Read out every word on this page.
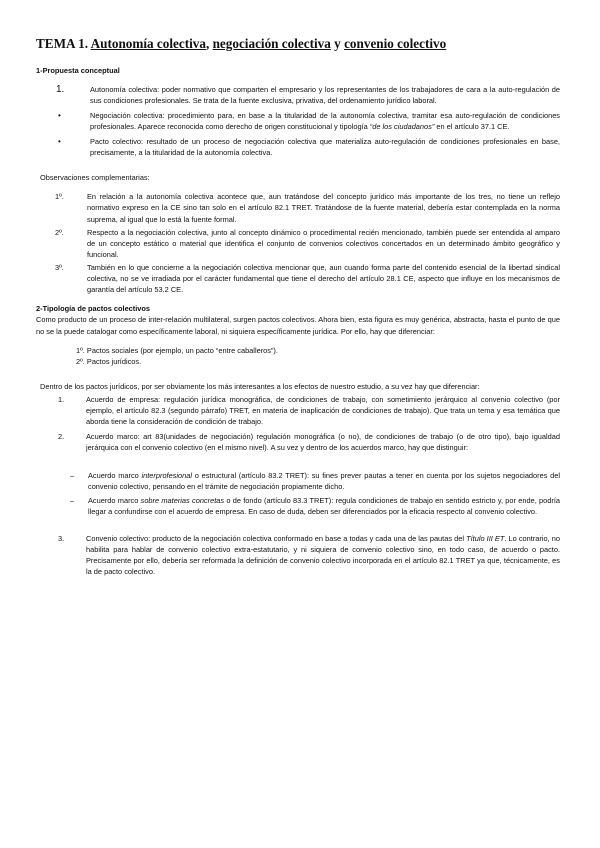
TEMA 1. Autonomía colectiva, negociación colectiva y convenio colectivo

1-Propuesta conceptual

1.	Autonomía colectiva: poder normativo que comparten el empresario y los representantes de los trabajadores de cara a la auto-regulación de sus condiciones profesionales. Se trata de la fuente exclusiva, privativa, del ordenamiento jurídico laboral.
•	Negociación colectiva: procedimiento para, en base a la titularidad de la autonomía colectiva, tramitar esa auto-regulación de condiciones profesionales. Aparece reconocida como derecho de origen constitucional y tipología “de los ciudadanos” en el artículo 37.1 CE.
•	Pacto colectivo: resultado de un proceso de negociación colectiva que materializa auto-regulación de condiciones profesionales en base, precisamente, a la titularidad de la autonomía colectiva.

Observaciones complementarias:

1º.	En relación a la autonomía colectiva acontece que, aun tratándose del concepto jurídico más importante de los tres, no tiene un reflejo normativo expreso en la CE sino tan solo en el artículo 82.1 TRET. Tratándose de la fuente material, debería estar contemplada en la norma suprema, al igual que lo está la fuente formal.
2º.	Respecto a la negociación colectiva, junto al concepto dinámico o procedimental recién mencionado, también puede ser entendida al amparo de un concepto estático o material que identifica el conjunto de convenios colectivos concertados en un determinado ámbito geográfico y funcional.
3º.	También en lo que concierne a la negociación colectiva mencionar que, aun cuando forma parte del contenido esencial de la libertad sindical colectiva, no se ve irradiada por el carácter fundamental que tiene el derecho del artículo 28.1 CE, aspecto que influye en los mecanismos de garantía del artículo 53.2 CE.

2-Tipología de pactos colectivos

Como producto de un proceso de inter-relación multilateral, surgen pactos colectivos. Ahora bien, esta figura es muy genérica, abstracta, hasta el punto de que no se la puede catalogar como específicamente laboral, ni siquiera específicamente jurídica. Por ello, hay que diferenciar:

1º. Pactos sociales (por ejemplo, un pacto “entre caballeros”).
2º. Pactos jurídicos.

Dentro de los pactos jurídicos, por ser obviamente los más interesantes a los efectos de nuestro estudio, a su vez hay que diferenciar:

1.	Acuerdo de empresa: regulación jurídica monográfica, de condiciones de trabajo, con sometimiento jerárquico al convenio colectivo (por ejemplo, el artículo 82.3 (segundo párrafo) TRET, en materia de inaplicación de condiciones de trabajo). Que trata un tema y esa temática que aborda tiene la consideración de condición de trabajo.
2.	Acuerdo marco: art 83(unidades de negociación) regulación monográfica (o no), de condiciones de trabajo (o de otro tipo), bajo igualdad jerárquica con el convenio colectivo (en el mismo nivel). A su vez y dentro de los acuerdos marco, hay que distinguir:
– Acuerdo marco interprofesional o estructural (artículo 83.2 TRET): su fines prever pautas a tener en cuenta por los sujetos negociadores del convenio colectivo, pensando en el trámite de negociación propiamente dicho.
– Acuerdo marco sobre materias concretas o de fondo (artículo 83.3 TRET): regula condiciones de trabajo en sentido estricto y, por ende, podría llegar a confundirse con el acuerdo de empresa. En caso de duda, deben ser diferenciados por la eficacia respecto al convenio colectivo.
3.	Convenio colectivo: producto de la negociación colectiva conformado en base a todas y cada una de las pautas del Título III ET. Lo contrario, no habilita para hablar de convenio colectivo extra-estatutario, y ni siquiera de convenio colectivo sino, en todo caso, de acuerdo o pacto. Precisamente por ello, debería ser reformada la definición de convenio colectivo incorporada en el artículo 82.1 TRET ya que, técnicamente, es la de pacto colectivo.
